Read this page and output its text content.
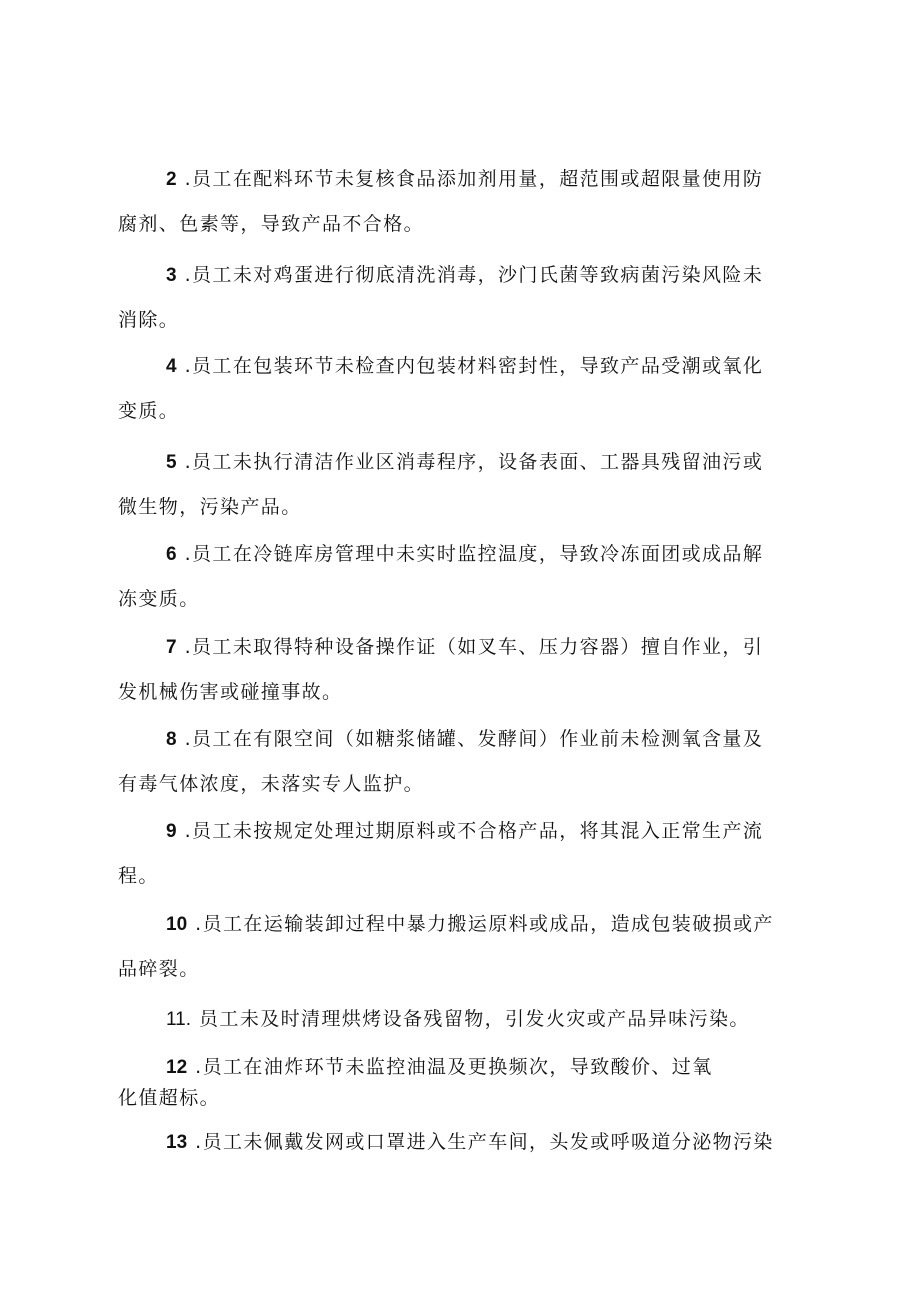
2 .员工在配料环节未复核食品添加剂用量，超范围或超限量使用防
腐剂、色素等，导致产品不合格。
3 .员工未对鸡蛋进行彻底清洗消毒，沙门氏菌等致病菌污染风险未
消除。
4 .员工在包装环节未检查内包装材料密封性，导致产品受潮或氧化
变质。
5 .员工未执行清洁作业区消毒程序，设备表面、工器具残留油污或
微生物，污染产品。
6 .员工在冷链库房管理中未实时监控温度，导致冷冻面团或成品解
冻变质。
7 .员工未取得特种设备操作证（如叉车、压力容器）擅自作业，引
发机械伤害或碰撞事故。
8 .员工在有限空间（如糖浆储罐、发酵间）作业前未检测氧含量及
有毒气体浓度，未落实专人监护。
9 .员工未按规定处理过期原料或不合格产品，将其混入正常生产流
程。
10 .员工在运输装卸过程中暴力搬运原料或成品，造成包装破损或产
品碎裂。
11. 员工未及时清理烘烤设备残留物，引发火灾或产品异味污染。
12 .员工在油炸环节未监控油温及更换频次，导致酸价、过氧
化值超标。
13 .员工未佩戴发网或口罩进入生产车间，头发或呼吸道分泌物污染
